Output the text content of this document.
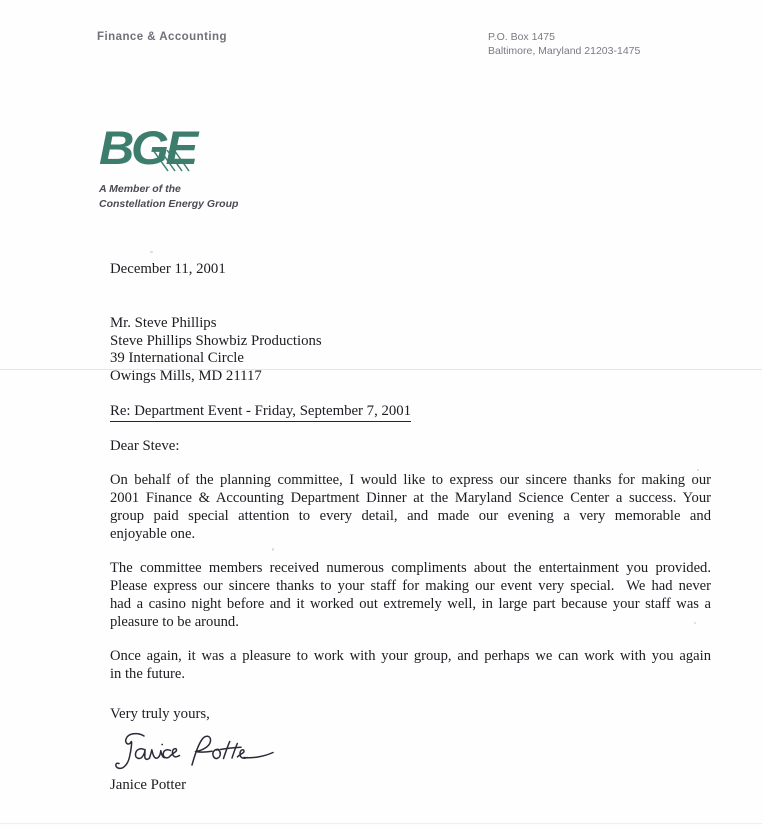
Finance & Accounting	P.O. Box 1475
Baltimore, Maryland 21203-1475
BGE
A Member of the
Constellation Energy Group
December 11, 2001
Mr. Steve Phillips
Steve Phillips Showbiz Productions
39 International Circle
Owings Mills, MD 21117
Re: Department Event - Friday, September 7, 2001
Dear Steve:
On behalf of the planning committee, I would like to express our sincere thanks for making our
2001 Finance & Accounting Department Dinner at the Maryland Science Center a success. Your
group paid special attention to every detail, and made our evening a very memorable and
enjoyable one.
The committee members received numerous compliments about the entertainment you provided.
Please express our sincere thanks to your staff for making our event very special.  We had never
had a casino night before and it worked out extremely well, in large part because your staff was a
pleasure to be around.
Once again, it was a pleasure to work with your group, and perhaps we can work with you again
in the future.
Very truly yours,
Janice Potter
